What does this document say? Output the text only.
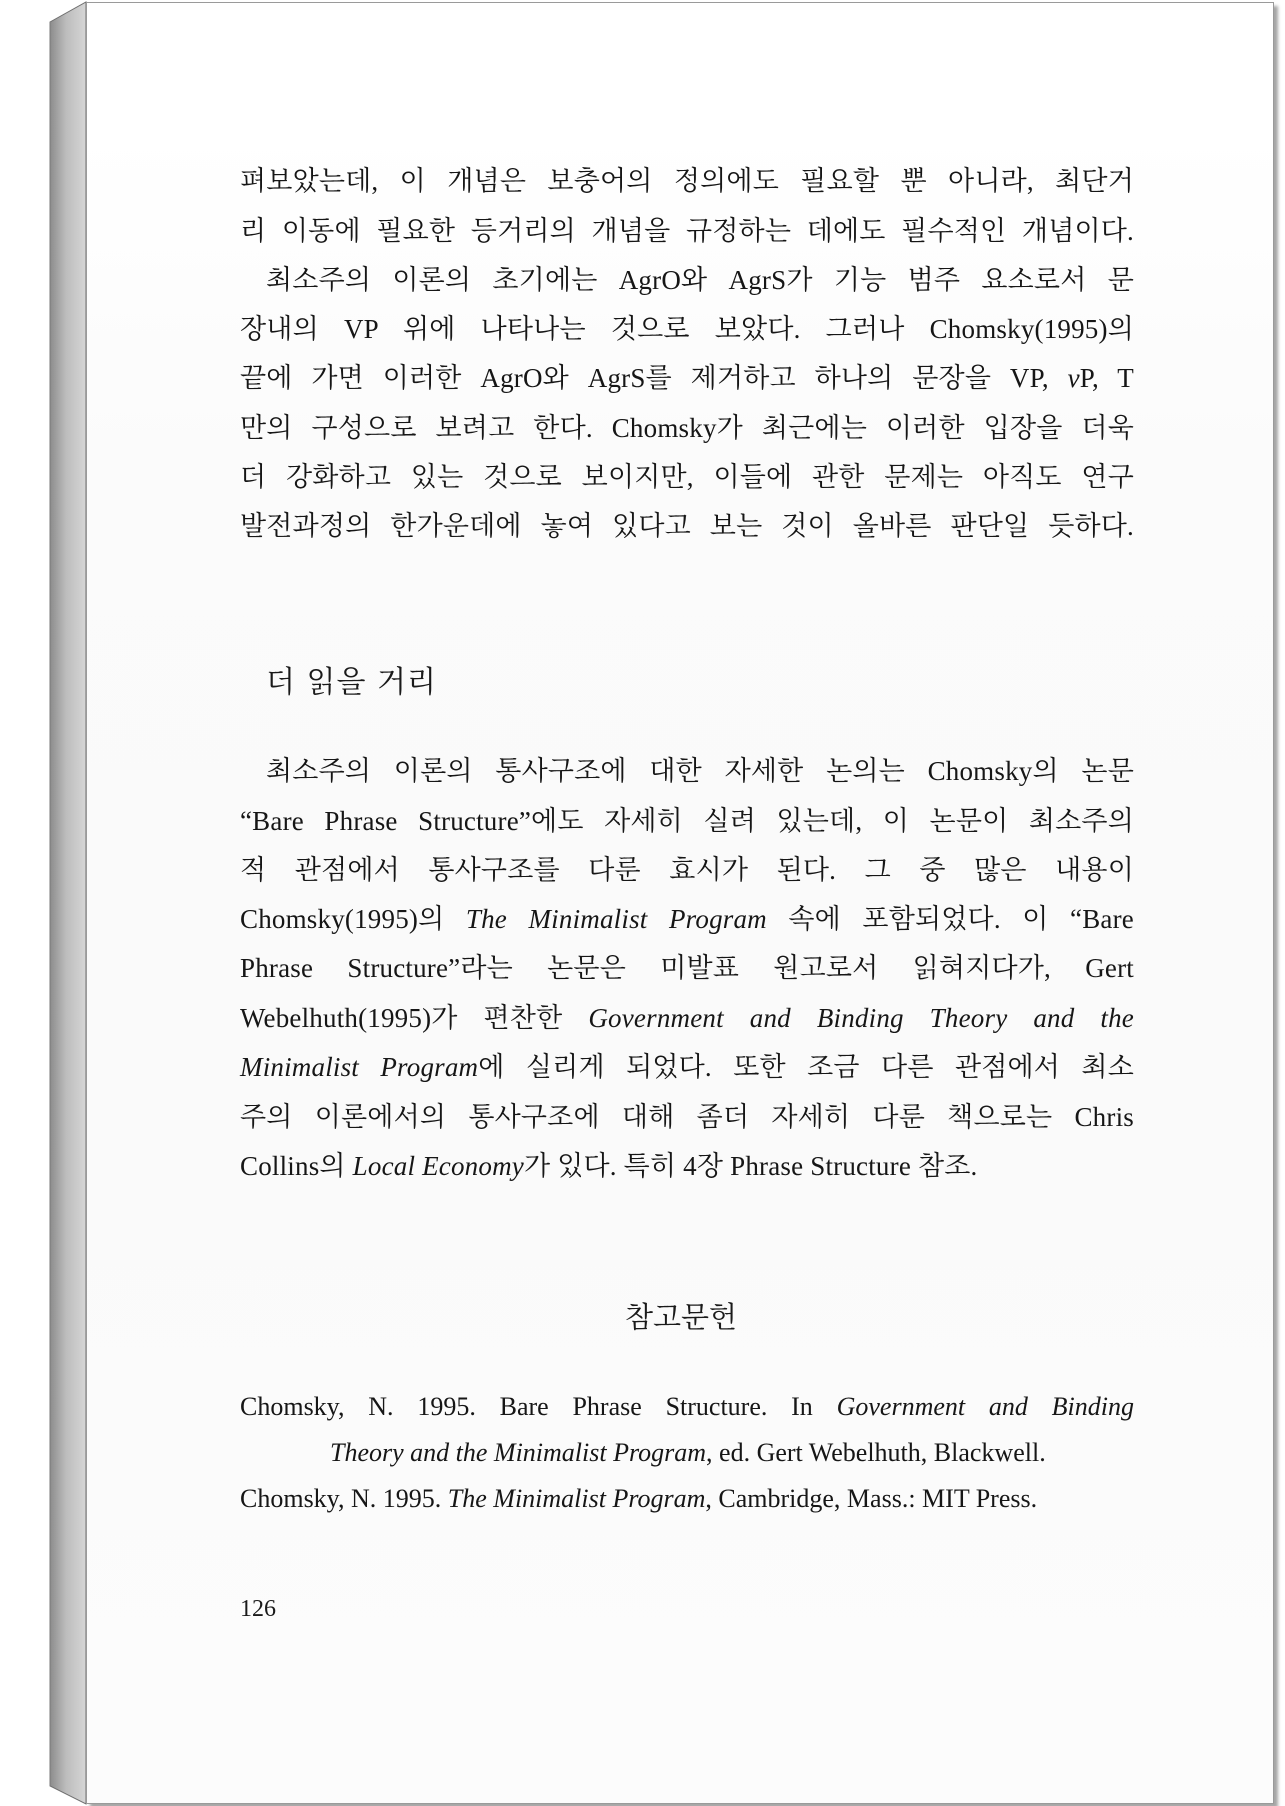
펴보았는데, 이 개념은 보충어의 정의에도 필요할 뿐 아니라, 최단거
리 이동에 필요한 등거리의 개념을 규정하는 데에도 필수적인 개념이다.
최소주의 이론의 초기에는 AgrO와 AgrS가 기능 범주 요소로서 문
장내의 VP 위에 나타나는 것으로 보았다. 그러나 Chomsky(1995)의
끝에 가면 이러한 AgrO와 AgrS를 제거하고 하나의 문장을 VP, vP, T
만의 구성으로 보려고 한다. Chomsky가 최근에는 이러한 입장을 더욱
더 강화하고 있는 것으로 보이지만, 이들에 관한 문제는 아직도 연구
발전과정의 한가운데에 놓여 있다고 보는 것이 올바른 판단일 듯하다.
더 읽을 거리
최소주의 이론의 통사구조에 대한 자세한 논의는 Chomsky의 논문
“Bare Phrase Structure”에도 자세히 실려 있는데, 이 논문이 최소주의
적 관점에서 통사구조를 다룬 효시가 된다. 그 중 많은 내용이
Chomsky(1995)의 The Minimalist Program 속에 포함되었다. 이 “Bare
Phrase Structure”라는 논문은 미발표 원고로서 읽혀지다가, Gert
Webelhuth(1995)가 편찬한 Government and Binding Theory and the
Minimalist Program에 실리게 되었다. 또한 조금 다른 관점에서 최소
주의 이론에서의 통사구조에 대해 좀더 자세히 다룬 책으로는 Chris
Collins의 Local Economy가 있다. 특히 4장 Phrase Structure 참조.
참고문헌
Chomsky, N. 1995. Bare Phrase Structure. In Government and Binding
Theory and the Minimalist Program, ed. Gert Webelhuth, Blackwell.
Chomsky, N. 1995. The Minimalist Program, Cambridge, Mass.: MIT Press.
126
